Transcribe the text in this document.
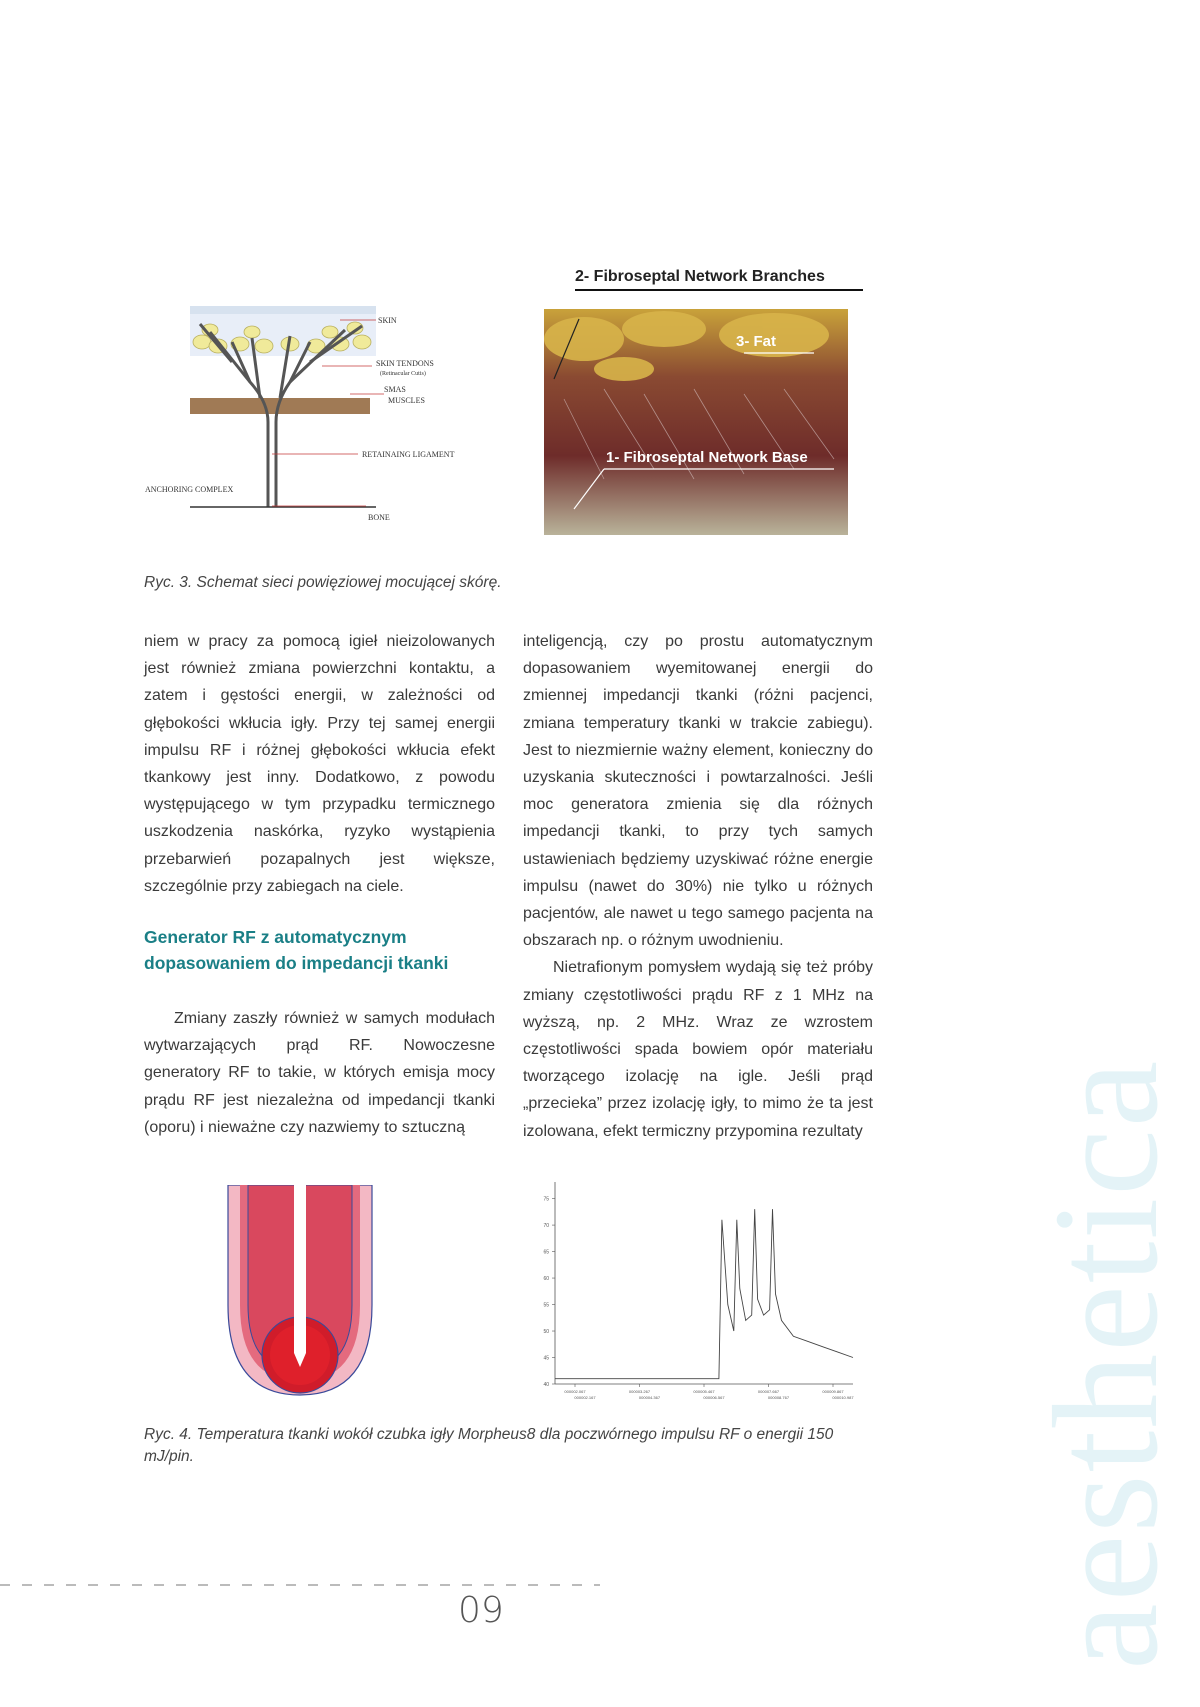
aesthetica
2- Fibroseptal Network Branches
SKIN
SKIN TENDONS
(Retinacular Cutis)
SMAS
MUSCLES
RETAINAING LIGAMENT
ANCHORING COMPLEX
BONE
3- Fat
1- Fibroseptal Network Base
Ryc. 3. Schemat sieci powięziowej mocującej skórę.

niem w pracy za pomocą igieł nieizolowanych jest również zmiana powierzchni kontaktu, a zatem i gęstości energii, w zależności od głębokości wkłucia igły. Przy tej samej energii impulsu RF i różnej głębokości wkłucia efekt tkankowy jest inny. Dodatkowo, z powodu występującego w tym przypadku termicznego uszkodzenia naskórka, ryzyko wystąpienia przebarwień pozapalnych jest większe, szczególnie przy zabiegach na ciele.

Generator RF z automatycznym dopasowaniem do impedancji tkanki

Zmiany zaszły również w samych modułach wytwarzających prąd RF. Nowoczesne generatory RF to takie, w których emisja mocy prądu RF jest niezależna od impedancji tkanki (oporu) i nieważne czy nazwiemy to sztuczną

inteligencją, czy po prostu automatycznym dopasowaniem wyemitowanej energii do zmiennej impedancji tkanki (różni pacjenci, zmiana temperatury tkanki w trakcie zabiegu). Jest to niezmiernie ważny element, konieczny do uzyskania skuteczności i powtarzalności. Jeśli moc generatora zmienia się dla różnych impedancji tkanki, to przy tych samych ustawieniach będziemy uzyskiwać różne energie impulsu (nawet do 30%) nie tylko u różnych pacjentów, ale nawet u tego samego pacjenta na obszarach np. o różnym uwodnieniu.

Nietrafionym pomysłem wydają się też próby zmiany częstotliwości prądu RF z 1 MHz na wyższą, np. 2 MHz. Wraz ze wzrostem częstotliwości spada bowiem opór materiału tworzącego izolację na igle. Jeśli prąd „przecieka” przez izolację igły, to mimo że ta jest izolowana, efekt termiczny przypomina rezultaty

75
70
65
60
55
50
45
40
000002.067	000003.267	000005.467	000007.667	000009.867
000002.167	000004.367	000006.567	000008.767	000010.987
Ryc. 4. Temperatura tkanki wokół czubka igły Morpheus8 dla poczwórnego impulsu RF o energii 150 mJ/pin.
09
